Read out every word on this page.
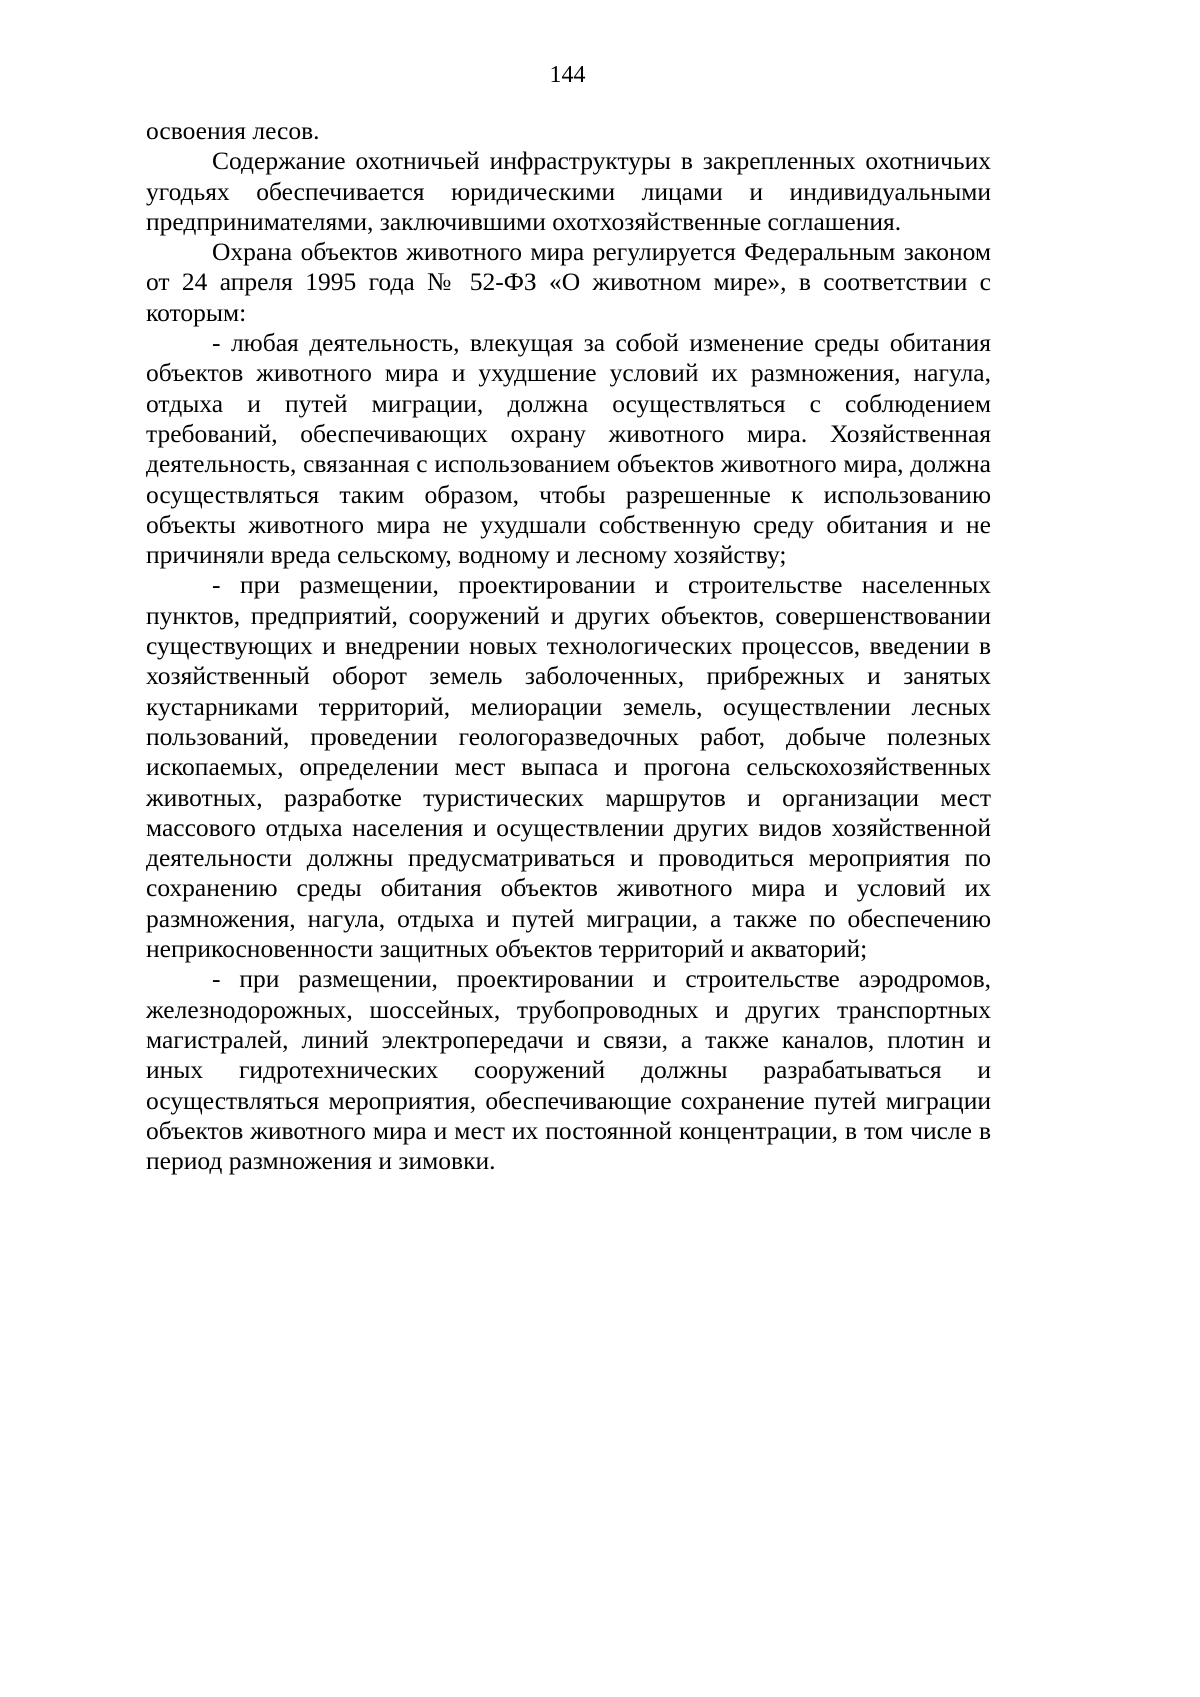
144

освоения лесов.

Содержание охотничьей инфраструктуры в закрепленных охотничьих угодьях обеспечивается юридическими лицами и индивидуальными предпринимателями, заключившими охотхозяйственные соглашения.

Охрана объектов животного мира регулируется Федеральным законом от 24 апреля 1995 года № 52-ФЗ «О животном мире», в соответствии с которым:

- любая деятельность, влекущая за собой изменение среды обитания объектов животного мира и ухудшение условий их размножения, нагула, отдыха и путей миграции, должна осуществляться с соблюдением требований, обеспечивающих охрану животного мира. Хозяйственная деятельность, связанная с использованием объектов животного мира, должна осуществляться таким образом, чтобы разрешенные к использованию объекты животного мира не ухудшали собственную среду обитания и не причиняли вреда сельскому, водному и лесному хозяйству;

- при размещении, проектировании и строительстве населенных пунктов, предприятий, сооружений и других объектов, совершенствовании существующих и внедрении новых технологических процессов, введении в хозяйственный оборот земель заболоченных, прибрежных и занятых кустарниками территорий, мелиорации земель, осуществлении лесных пользований, проведении геологоразведочных работ, добыче полезных ископаемых, определении мест выпаса и прогона сельскохозяйственных животных, разработке туристических маршрутов и организации мест массового отдыха населения и осуществлении других видов хозяйственной деятельности должны предусматриваться и проводиться мероприятия по сохранению среды обитания объектов животного мира и условий их размножения, нагула, отдыха и путей миграции, а также по обеспечению неприкосновенности защитных объектов территорий и акваторий;

- при размещении, проектировании и строительстве аэродромов, железнодорожных, шоссейных, трубопроводных и других транспортных магистралей, линий электропередачи и связи, а также каналов, плотин и иных гидротехнических сооружений должны разрабатываться и осуществляться мероприятия, обеспечивающие сохранение путей миграции объектов животного мира и мест их постоянной концентрации, в том числе в период размножения и зимовки.
